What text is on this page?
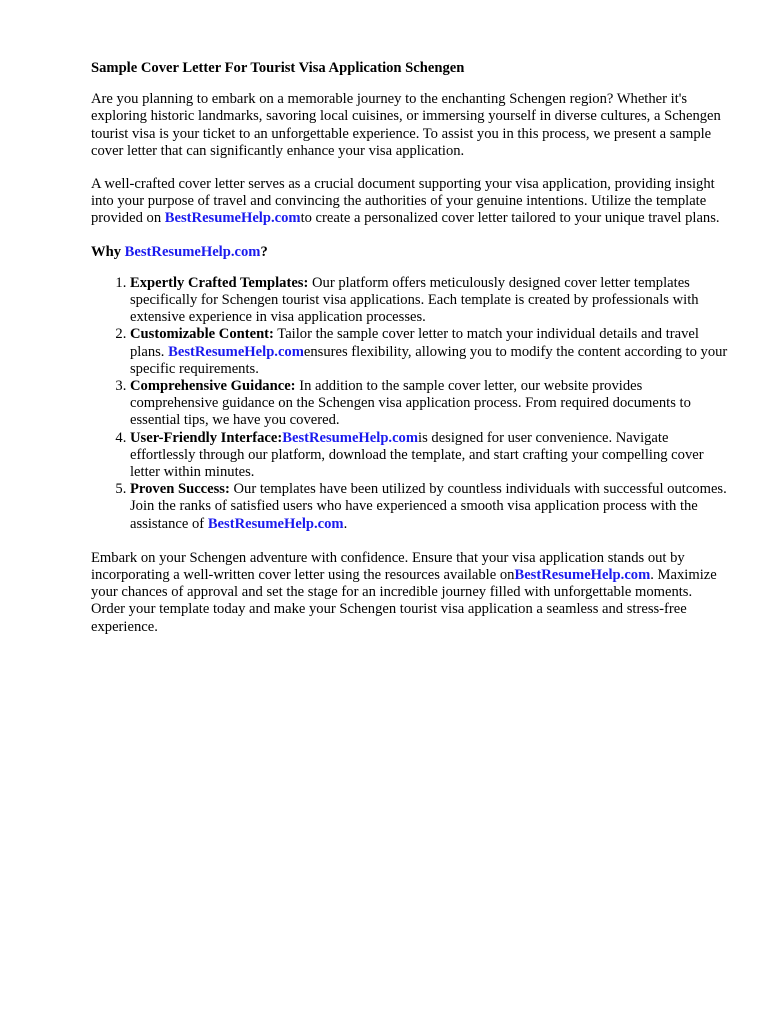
Sample Cover Letter For Tourist Visa Application Schengen

Are you planning to embark on a memorable journey to the enchanting Schengen region? Whether it's exploring historic landmarks, savoring local cuisines, or immersing yourself in diverse cultures, a Schengen tourist visa is your ticket to an unforgettable experience. To assist you in this process, we present a sample cover letter that can significantly enhance your visa application.

A well-crafted cover letter serves as a crucial document supporting your visa application, providing insight into your purpose of travel and convincing the authorities of your genuine intentions. Utilize the template provided on BestResumeHelp.comto create a personalized cover letter tailored to your unique travel plans.

Why BestResumeHelp.com?
1. Expertly Crafted Templates: Our platform offers meticulously designed cover letter templates specifically for Schengen tourist visa applications. Each template is created by professionals with extensive experience in visa application processes.
2. Customizable Content: Tailor the sample cover letter to match your individual details and travel plans. BestResumeHelp.comensures flexibility, allowing you to modify the content according to your specific requirements.
3. Comprehensive Guidance: In addition to the sample cover letter, our website provides comprehensive guidance on the Schengen visa application process. From required documents to essential tips, we have you covered.
4. User-Friendly Interface:BestResumeHelp.comis designed for user convenience. Navigate effortlessly through our platform, download the template, and start crafting your compelling cover letter within minutes.
5. Proven Success: Our templates have been utilized by countless individuals with successful outcomes. Join the ranks of satisfied users who have experienced a smooth visa application process with the assistance of BestResumeHelp.com.

Embark on your Schengen adventure with confidence. Ensure that your visa application stands out by incorporating a well-written cover letter using the resources available onBestResumeHelp.com. Maximize your chances of approval and set the stage for an incredible journey filled with unforgettable moments. Order your template today and make your Schengen tourist visa application a seamless and stress-free experience.
